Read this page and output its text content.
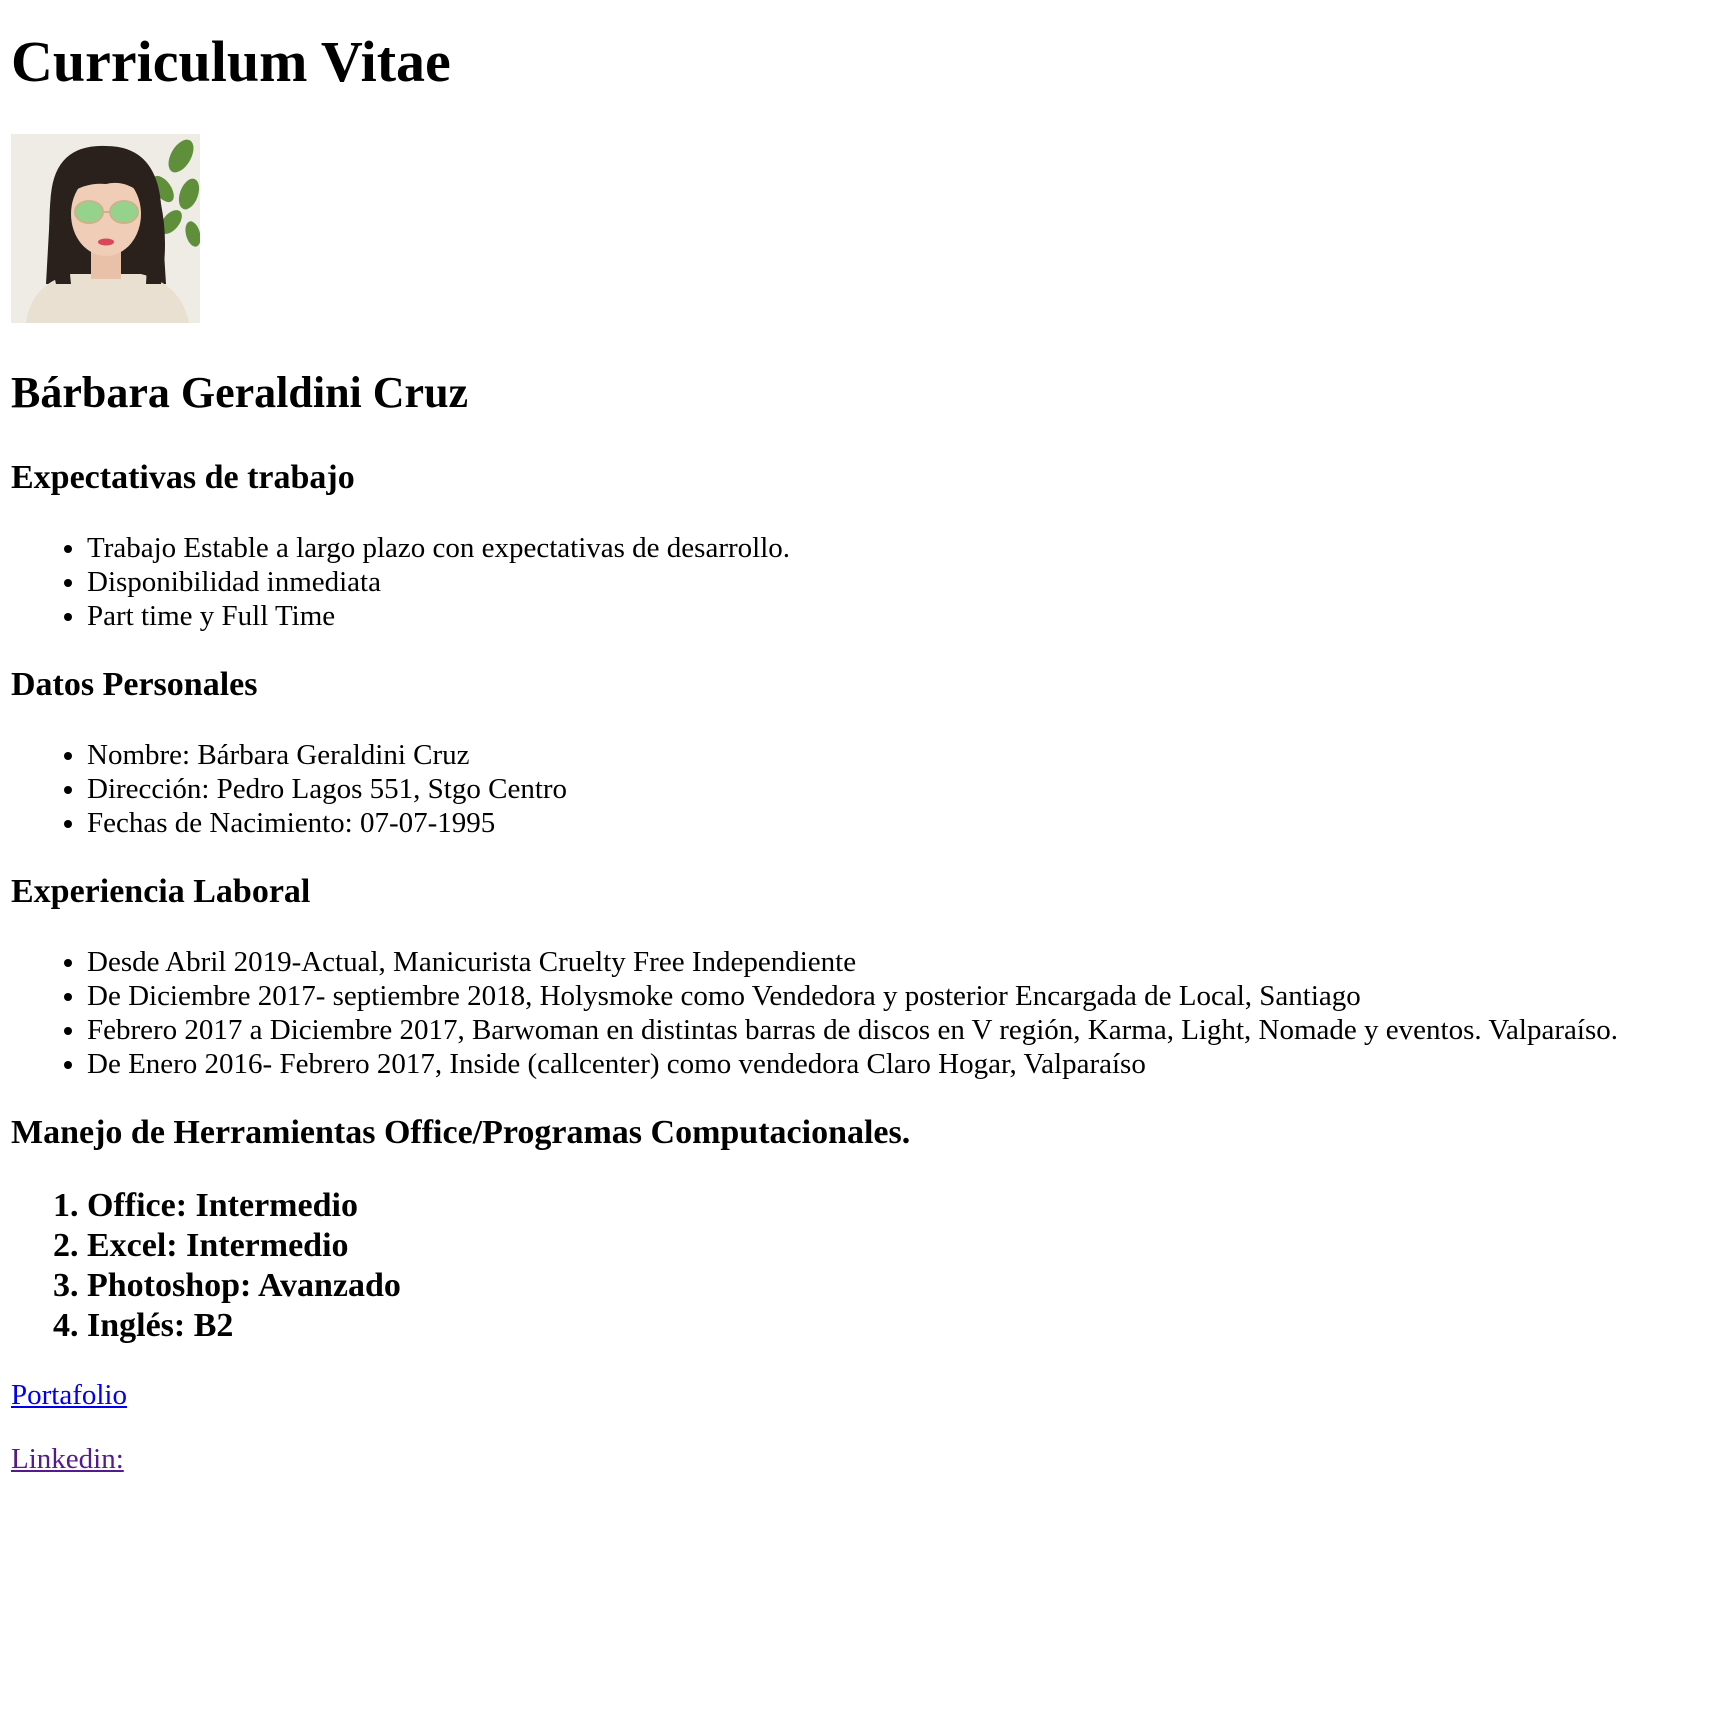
Curriculum Vitae
Bárbara Geraldini Cruz
Expectativas de trabajo
• Trabajo Estable a largo plazo con expectativas de desarrollo.
• Disponibilidad inmediata
• Part time y Full Time
Datos Personales
• Nombre: Bárbara Geraldini Cruz
• Dirección: Pedro Lagos 551, Stgo Centro
• Fechas de Nacimiento: 07-07-1995
Experiencia Laboral
• Desde Abril 2019-Actual, Manicurista Cruelty Free Independiente
• De Diciembre 2017- septiembre 2018, Holysmoke como Vendedora y posterior Encargada de Local, Santiago
• Febrero 2017 a Diciembre 2017, Barwoman en distintas barras de discos en V región, Karma, Light, Nomade y eventos. Valparaíso.
• De Enero 2016- Febrero 2017, Inside (callcenter) como vendedora Claro Hogar, Valparaíso
Manejo de Herramientas Office/Programas Computacionales.
1. Office: Intermedio
2. Excel: Intermedio
3. Photoshop: Avanzado
4. Inglés: B2
Portafolio
Linkedin:
